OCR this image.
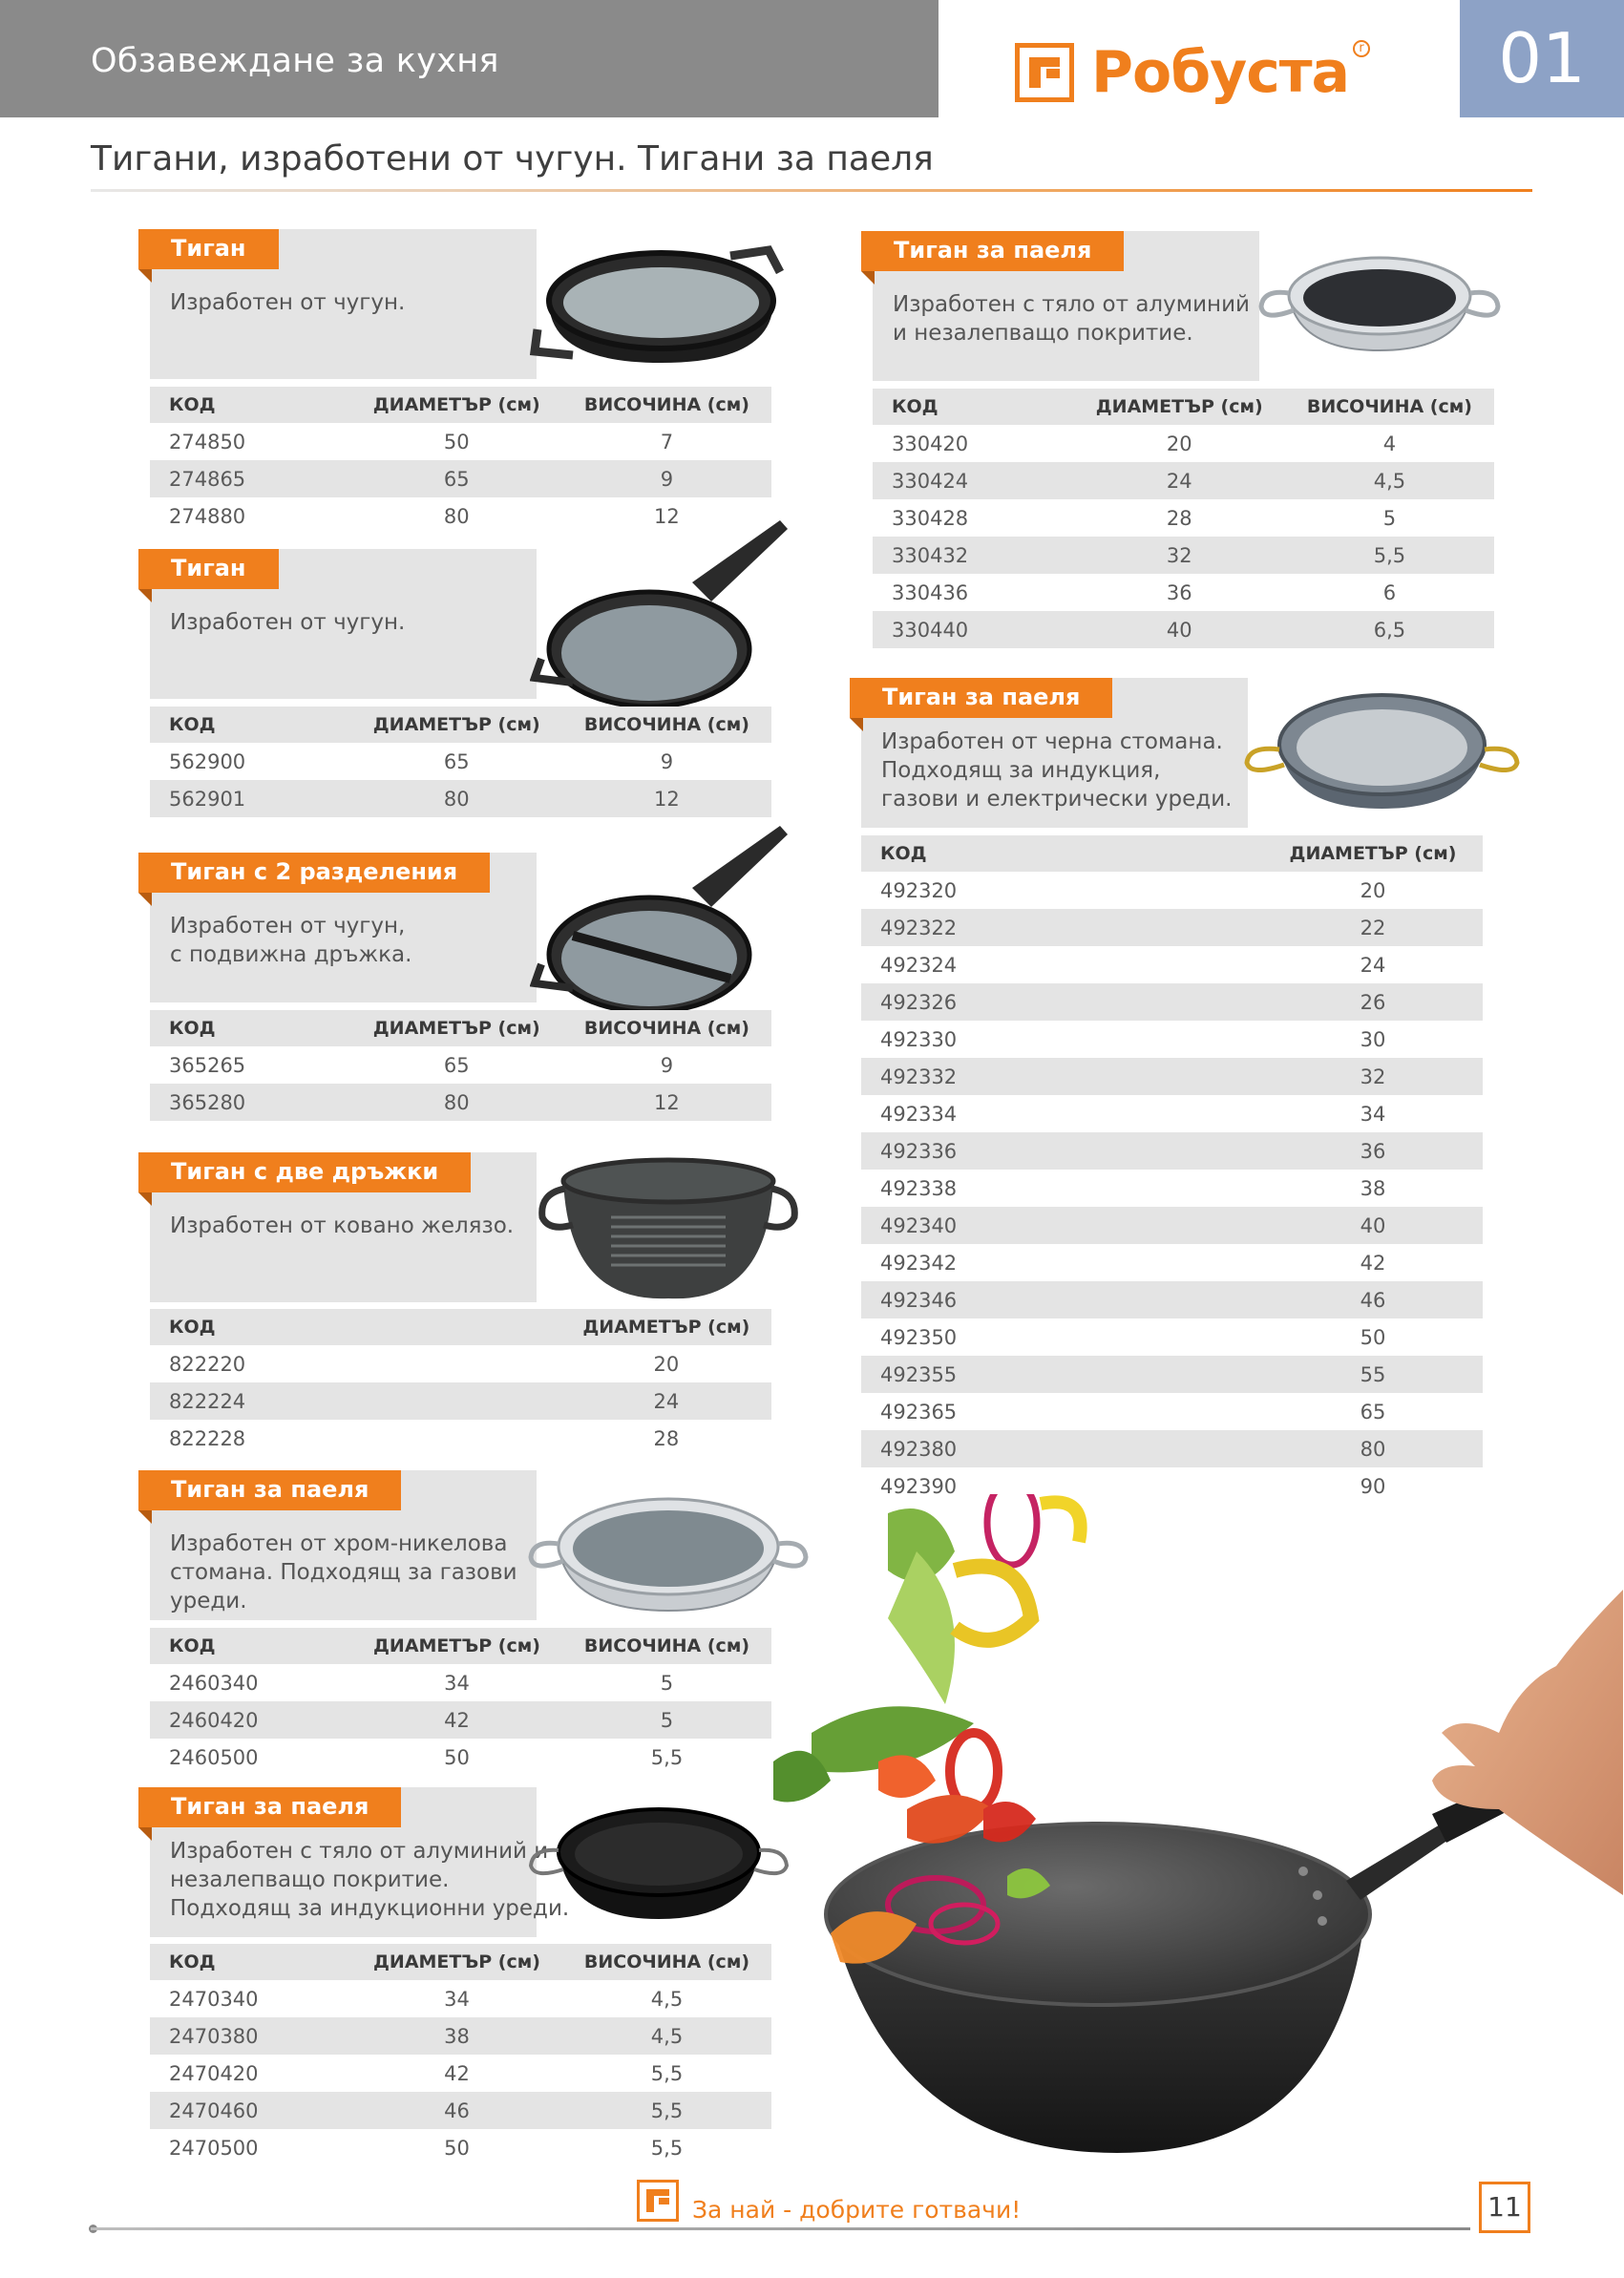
Обзавеждане за кухня	Робуста r	01
Тигани, изработени от чугун. Тигани за паеля
Тиган
Изработен от чугун.
КОД	ДИАМЕТЪР (см)	ВИСОЧИНА (см)
274850	50	7
274865	65	9
274880	80	12
Тиган
Изработен от чугун.
КОД	ДИАМЕТЪР (см)	ВИСОЧИНА (см)
562900	65	9
562901	80	12
Тиган с 2 разделения
Изработен от чугун,
с подвижна дръжка.
КОД	ДИАМЕТЪР (см)	ВИСОЧИНА (см)
365265	65	9
365280	80	12
Тиган с две дръжки
Изработен от ковано желязо.
КОД		ДИАМЕТЪР (см)
822220		20
822224		24
822228		28
Тиган за паеля
Изработен от хром-никелова
стомана. Подходящ за газови уреди.
КОД	ДИАМЕТЪР (см)	ВИСОЧИНА (см)
2460340	34	5
2460420	42	5
2460500	50	5,5
Тиган за паеля
Изработен с тяло от алуминий и
незалепващо покритие.
Подходящ за индукционни уреди.
КОД	ДИАМЕТЪР (см)	ВИСОЧИНА (см)
2470340	34	4,5
2470380	38	4,5
2470420	42	5,5
2470460	46	5,5
2470500	50	5,5
Тиган за паеля
Изработен с тяло от алуминий
и незалепващо покритие.
КОД	ДИАМЕТЪР (см)	ВИСОЧИНА (см)
330420	20	4
330424	24	4,5
330428	28	5
330432	32	5,5
330436	36	6
330440	40	6,5
Тиган за паеля
Изработен от черна стомана.
Подходящ за индукция,
газови и електрически уреди.
КОД	ДИАМЕТЪР (см)
492320	20
492322	22
492324	24
492326	26
492330	30
492332	32
492334	34
492336	36
492338	38
492340	40
492342	42
492346	46
492350	50
492355	55
492365	65
492380	80
492390	90
За най - добрите готвачи!	11
